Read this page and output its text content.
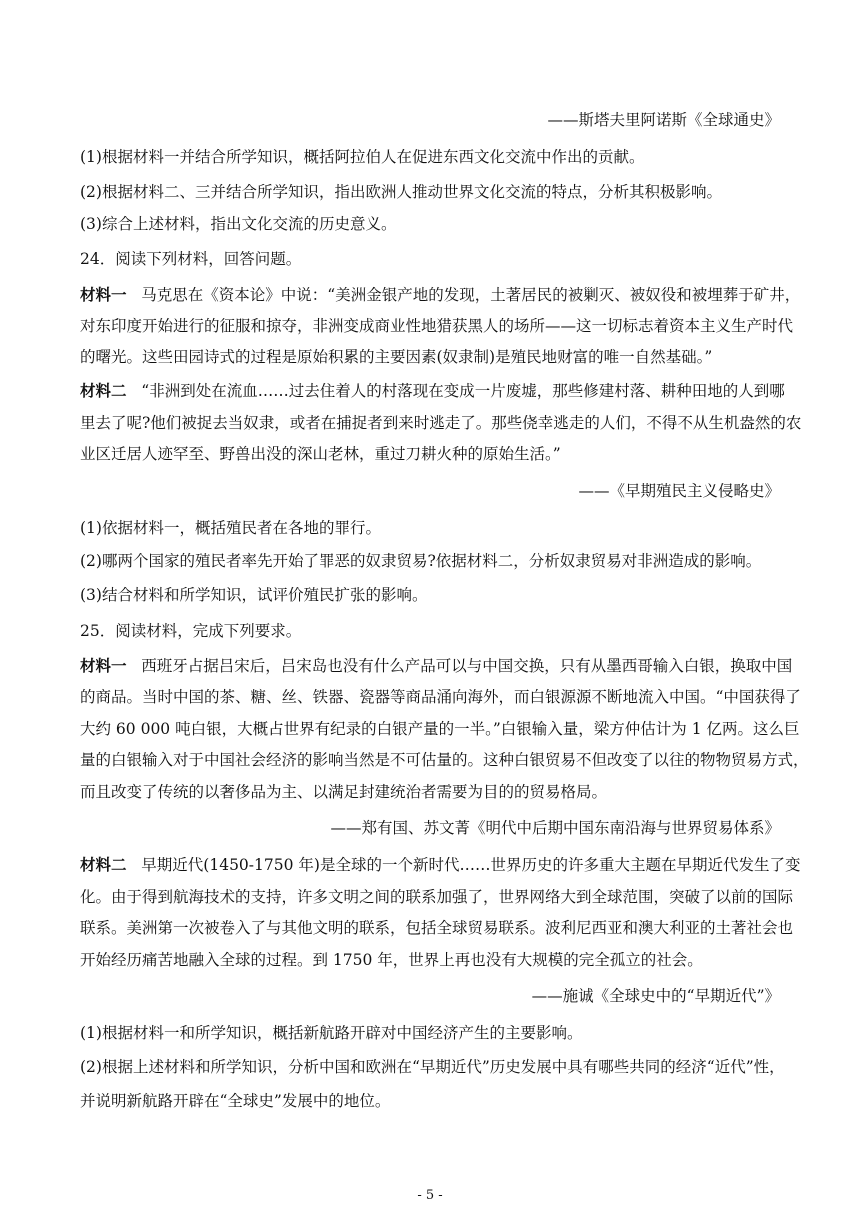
——斯塔夫里阿诺斯《全球通史》
(1)根据材料一并结合所学知识，概括阿拉伯人在促进东西文化交流中作出的贡献。
(2)根据材料二、三并结合所学知识，指出欧洲人推动世界文化交流的特点，分析其积极影响。
(3)综合上述材料，指出文化交流的历史意义。
24．阅读下列材料，回答问题。
材料一 马克思在《资本论》中说：“美洲金银产地的发现，土著居民的被剿灭、被奴役和被埋葬于矿井，
对东印度开始进行的征服和掠夺，非洲变成商业性地猎获黑人的场所——这一切标志着资本主义生产时代
的曙光。这些田园诗式的过程是原始积累的主要因素(奴隶制)是殖民地财富的唯一自然基础。”
材料二 “非洲到处在流血……过去住着人的村落现在变成一片废墟，那些修建村落、耕种田地的人到哪
里去了呢?他们被捉去当奴隶，或者在捕捉者到来时逃走了。那些侥幸逃走的人们，不得不从生机盎然的农
业区迁居人迹罕至、野兽出没的深山老林，重过刀耕火种的原始生活。”
——《早期殖民主义侵略史》
(1)依据材料一，概括殖民者在各地的罪行。
(2)哪两个国家的殖民者率先开始了罪恶的奴隶贸易?依据材料二，分析奴隶贸易对非洲造成的影响。
(3)结合材料和所学知识，试评价殖民扩张的影响。
25．阅读材料，完成下列要求。
材料一 西班牙占据吕宋后，吕宋岛也没有什么产品可以与中国交换，只有从墨西哥输入白银，换取中国
的商品。当时中国的茶、糖、丝、铁器、瓷器等商品涌向海外，而白银源源不断地流入中国。“中国获得了
大约 60 000 吨白银，大概占世界有纪录的白银产量的一半。”白银输入量，梁方仲估计为 1 亿两。这么巨
量的白银输入对于中国社会经济的影响当然是不可估量的。这种白银贸易不但改变了以往的物物贸易方式，
而且改变了传统的以奢侈品为主、以满足封建统治者需要为目的的贸易格局。
——郑有国、苏文菁《明代中后期中国东南沿海与世界贸易体系》
材料二 早期近代(1450-1750 年)是全球的一个新时代……世界历史的许多重大主题在早期近代发生了变
化。由于得到航海技术的支持，许多文明之间的联系加强了，世界网络大到全球范围，突破了以前的国际
联系。美洲第一次被卷入了与其他文明的联系，包括全球贸易联系。波利尼西亚和澳大利亚的土著社会也
开始经历痛苦地融入全球的过程。到 1750 年，世界上再也没有大规模的完全孤立的社会。
——施诚《全球史中的“早期近代”》
(1)根据材料一和所学知识，概括新航路开辟对中国经济产生的主要影响。
(2)根据上述材料和所学知识，分析中国和欧洲在“早期近代”历史发展中具有哪些共同的经济“近代”性，
并说明新航路开辟在“全球史”发展中的地位。
- 5 -
